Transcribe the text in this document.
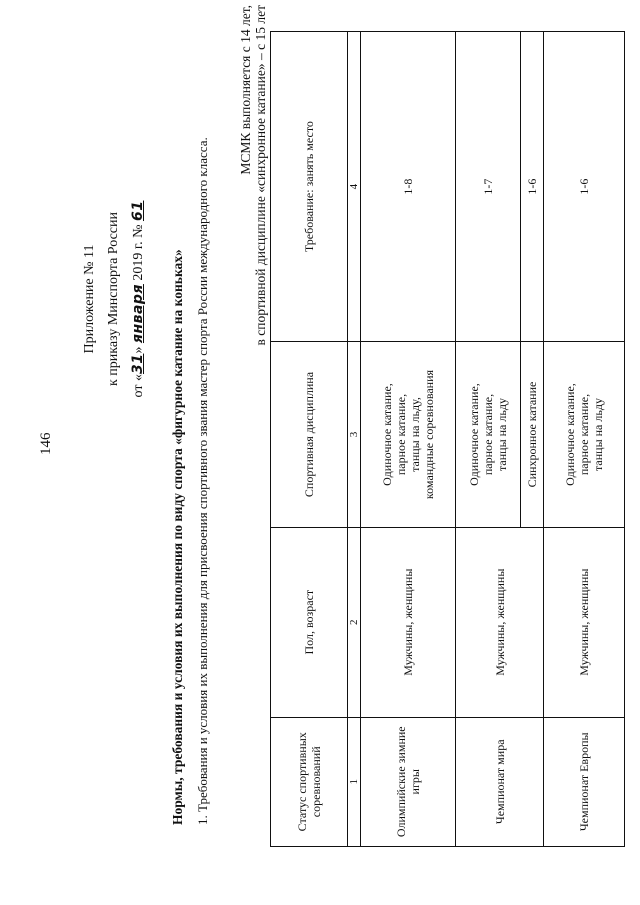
146
Приложение № 11 к приказу Минспорта России от «31» января 2019 г. № 61
Нормы, требования и условия их выполнения по виду спорта «фигурное катание на коньках» 1. Требования и условия их выполнения для присвоения спортивного звания мастер спорта России международного класса.
МСМК выполняется с 14 лет, в спортивной дисциплине «синхронное катание» – с 15 лет
Статус спортивных соревнований	Пол, возраст	Спортивная дисциплина	Требование: занять место
1	2	3	4
Олимпийские зимние игры	Мужчины, женщины	Одиночное катание, парное катание, танцы на льду, командные соревнования	1-8
Чемпионат мира	Мужчины, женщины	Одиночное катание, парное катание, танцы на льду	1-7
		Синхронное катание	1-6
Чемпионат Европы	Мужчины, женщины	Одиночное катание, парное катание, танцы на льду	1-6
